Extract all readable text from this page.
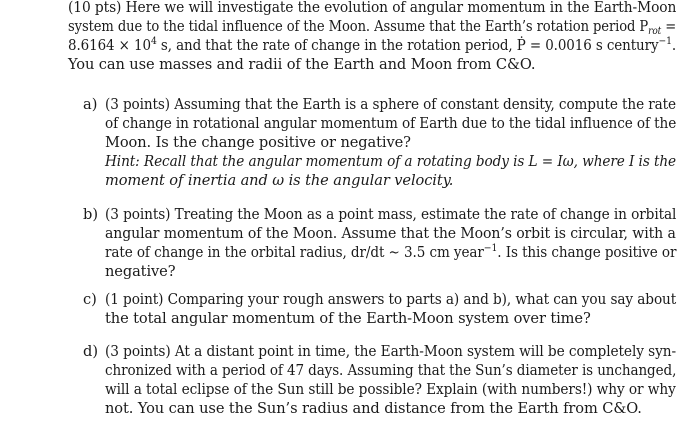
(10 pts) Here we will investigate the evolution of angular momentum in the Earth-Moon
system due to the tidal influence of the Moon. Assume that the Earth’s rotation period $P_{rot}$ =
$8.6164 \times 10^4$ s, and that the rate of change in the rotation period, Ṗ = 0.0016 s century$^{-1}$.
You can use masses and radii of the Earth and Moon from C&O.
a) (3 points) Assuming that the Earth is a sphere of constant density, compute the rate
of change in rotational angular momentum of Earth due to the tidal influence of the
Moon. Is the change positive or negative?
Hint: Recall that the angular momentum of a rotating body is L = Iω, where I is the
moment of inertia and ω is the angular velocity.
b) (3 points) Treating the Moon as a point mass, estimate the rate of change in orbital
angular momentum of the Moon. Assume that the Moon’s orbit is circular, with a
rate of change in the orbital radius, dr/dt ∼ 3.5 cm year$^{-1}$. Is this change positive or
negative?
c) (1 point) Comparing your rough answers to parts a) and b), what can you say about
the total angular momentum of the Earth-Moon system over time?
d) (3 points) At a distant point in time, the Earth-Moon system will be completely syn-
chronized with a period of 47 days. Assuming that the Sun’s diameter is unchanged,
will a total eclipse of the Sun still be possible? Explain (with numbers!) why or why
not. You can use the Sun’s radius and distance from the Earth from C&O.
